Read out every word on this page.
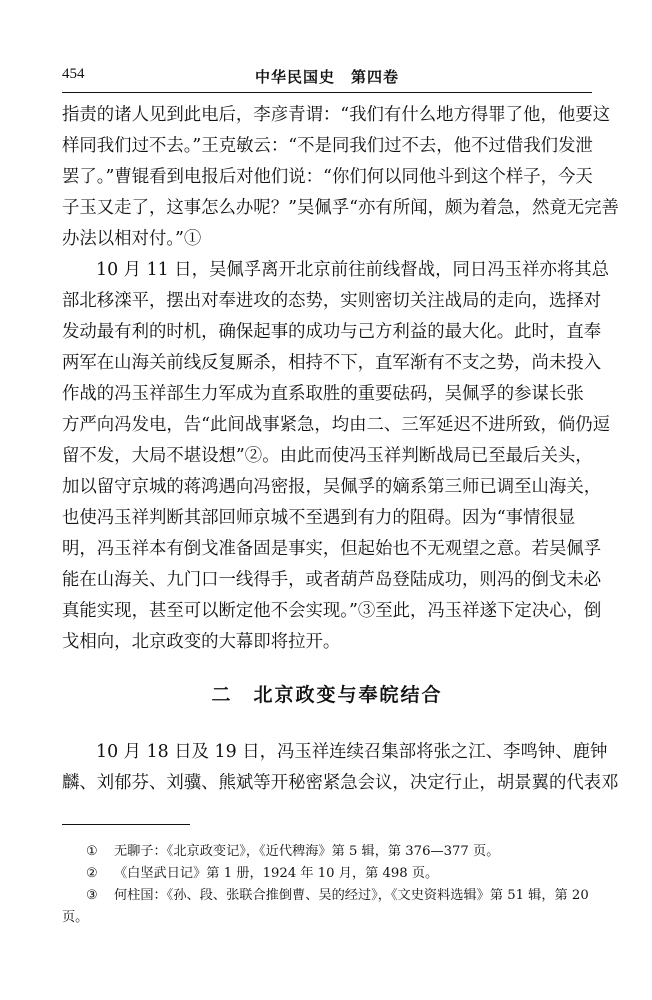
454	中华民国史　第四卷
指责的诸人见到此电后，李彦青谓：“我们有什么地方得罪了他，他要这
样同我们过不去。”王克敏云：“不是同我们过不去，他不过借我们发泄
罢了。”曹锟看到电报后对他们说：“你们何以同他斗到这个样子，今天
子玉又走了，这事怎么办呢？”吴佩孚“亦有所闻，颇为着急，然竟无完善
办法以相对付。”①
10 月 11 日，吴佩孚离开北京前往前线督战，同日冯玉祥亦将其总
部北移滦平，摆出对奉进攻的态势，实则密切关注战局的走向，选择对
发动最有利的时机，确保起事的成功与己方利益的最大化。此时，直奉
两军在山海关前线反复厮杀，相持不下，直军渐有不支之势，尚未投入
作战的冯玉祥部生力军成为直系取胜的重要砝码，吴佩孚的参谋长张
方严向冯发电，告“此间战事紧急，均由二、三军延迟不进所致，倘仍逗
留不发，大局不堪设想”②。由此而使冯玉祥判断战局已至最后关头，
加以留守京城的蒋鸿遇向冯密报，吴佩孚的嫡系第三师已调至山海关，
也使冯玉祥判断其部回师京城不至遇到有力的阻碍。因为“事情很显
明，冯玉祥本有倒戈准备固是事实，但起始也不无观望之意。若吴佩孚
能在山海关、九门口一线得手，或者葫芦岛登陆成功，则冯的倒戈未必
真能实现，甚至可以断定他不会实现。”③至此，冯玉祥遂下定决心，倒
戈相向，北京政变的大幕即将拉开。
二　北京政变与奉皖结合
10 月 18 日及 19 日，冯玉祥连续召集部将张之江、李鸣钟、鹿钟
麟、刘郁芬、刘骥、熊斌等开秘密紧急会议，决定行止，胡景翼的代表邓
① 无聊子：《北京政变记》，《近代稗海》第 5 辑，第 376—377 页。
② 《白坚武日记》第 1 册，1924 年 10 月，第 498 页。
③ 何柱国：《孙、段、张联合推倒曹、吴的经过》，《文史资料选辑》第 51 辑，第 20
页。
